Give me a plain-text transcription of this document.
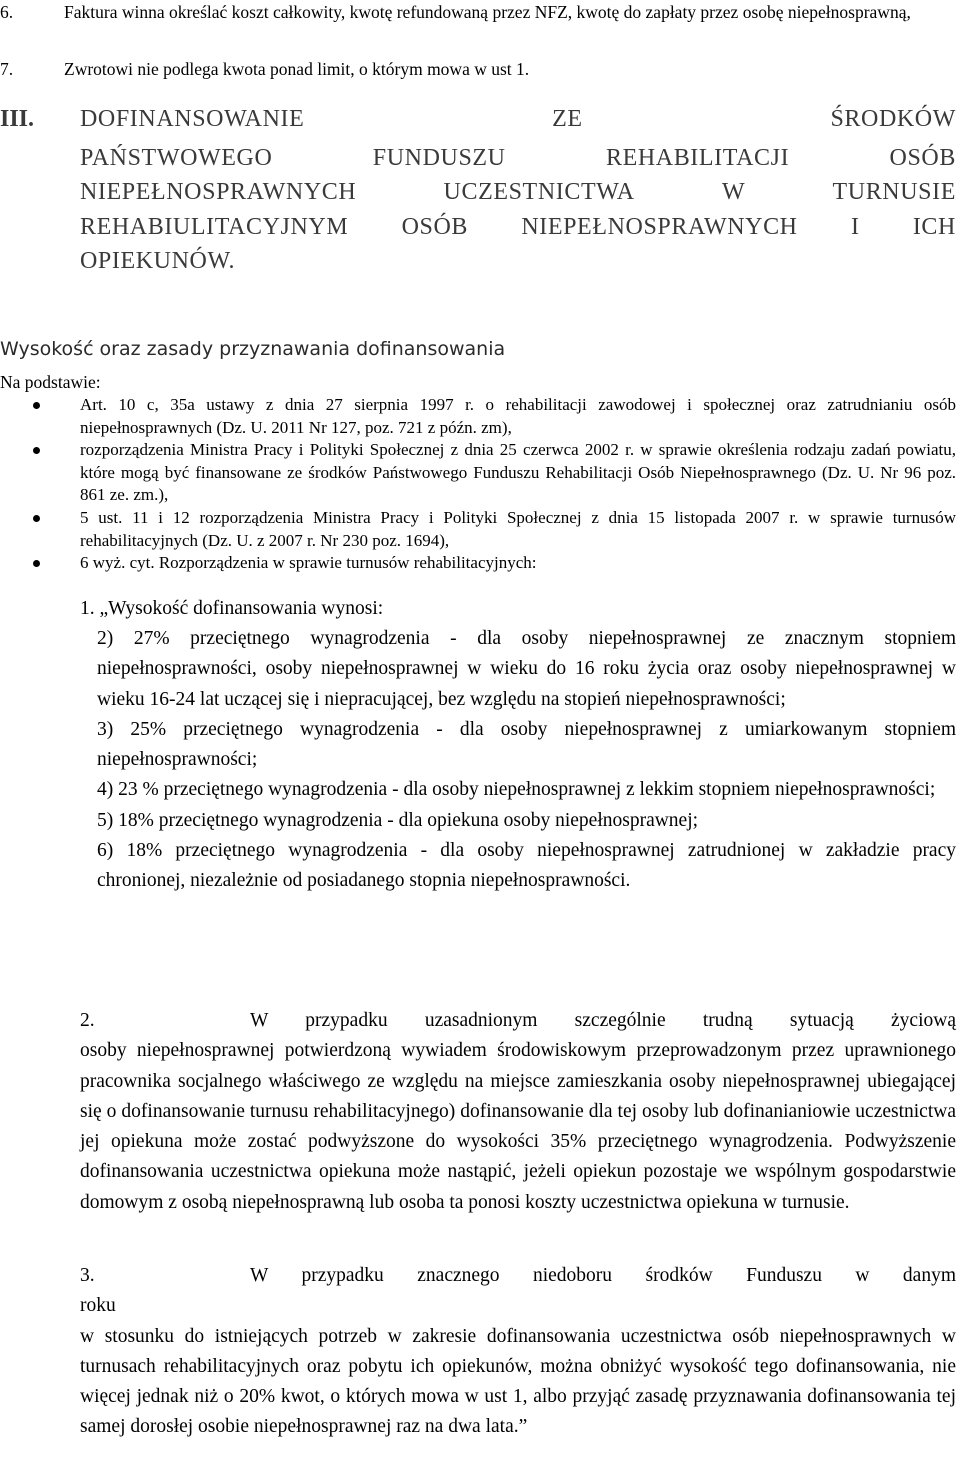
6.	Faktura winna określać koszt całkowity, kwotę refundowaną przez NFZ, kwotę do zapłaty przez osobę niepełnosprawną,
7.	Zwrotowi nie podlega kwota ponad limit, o którym mowa w ust 1.
III. DOFINANSOWANIE	ZE	ŚRODKÓW
PAŃSTWOWEGO	FUNDUSZU	REHABILITACJI	OSÓB
NIEPEŁNOSPRAWNYCH	UCZESTNICTWA	W	TURNUSIE
REHABIULITACYJNYM OSÓB NIEPEŁNOSPRAWNYCH I ICH
OPIEKUNÓW.
Wysokość oraz zasady przyznawania dofinansowania
Na podstawie:
Art. 10 c, 35a ustawy z dnia 27 sierpnia 1997 r. o rehabilitacji zawodowej i społecznej oraz zatrudnianiu osób niepełnosprawnych (Dz. U. 2011 Nr 127, poz. 721 z późn. zm),
rozporządzenia Ministra Pracy i Polityki Społecznej z dnia 25 czerwca 2002 r. w sprawie określenia rodzaju zadań powiatu, które mogą być finansowane ze środków Państwowego Funduszu Rehabilitacji Osób Niepełnosprawnego (Dz. U. Nr 96 poz. 861 ze. zm.),
5 ust. 11 i 12 rozporządzenia Ministra Pracy i Polityki Społecznej z dnia 15 listopada 2007 r. w sprawie turnusów rehabilitacyjnych (Dz. U. z 2007 r. Nr 230 poz. 1694),
6 wyż. cyt. Rozporządzenia w sprawie turnusów rehabilitacyjnych:
1. „Wysokość dofinansowania wynosi:

2) 27% przeciętnego wynagrodzenia - dla osoby niepełnosprawnej ze znacznym stopniem niepełnosprawności, osoby niepełnosprawnej w wieku do 16 roku życia oraz osoby niepełnosprawnej w wieku 16-24 lat uczącej się i niepracującej, bez względu na stopień niepełnosprawności;

3) 25% przeciętnego wynagrodzenia - dla osoby niepełnosprawnej z umiarkowanym stopniem niepełnosprawności;

4) 23 % przeciętnego wynagrodzenia - dla osoby niepełnosprawnej z lekkim stopniem niepełnosprawności;

5) 18% przeciętnego wynagrodzenia - dla opiekuna osoby niepełnosprawnej;

6) 18% przeciętnego wynagrodzenia - dla osoby niepełnosprawnej zatrudnionej w zakładzie pracy chronionej, niezależnie od posiadanego stopnia niepełnosprawności.

2.	W przypadku uzasadnionym szczególnie trudną sytuacją życiową

osoby niepełnosprawnej potwierdzoną wywiadem środowiskowym przeprowadzonym przez uprawnionego pracownika socjalnego właściwego ze względu na miejsce zamieszkania osoby niepełnosprawnej ubiegającej się o dofinansowanie turnusu rehabilitacyjnego) dofinansowanie dla tej osoby lub dofinanianiowie uczestnictwa jej opiekuna może zostać podwyższone do wysokości 35% przeciętnego wynagrodzenia. Podwyższenie dofinansowania uczestnictwa opiekuna może nastąpić, jeżeli opiekun pozostaje we wspólnym gospodarstwie domowym z osobą niepełnosprawną lub osoba ta ponosi koszty uczestnictwa opiekuna w turnusie.

3.	W przypadku znacznego niedoboru środków Funduszu w danym

roku

w stosunku do istniejących potrzeb w zakresie dofinansowania uczestnictwa osób niepełnosprawnych w turnusach rehabilitacyjnych oraz pobytu ich opiekunów, można obniżyć wysokość tego dofinansowania, nie więcej jednak niż o 20% kwot, o których mowa w ust 1, albo przyjąć zasadę przyznawania dofinansowania tej samej dorosłej osobie niepełnosprawnej raz na dwa lata.”
